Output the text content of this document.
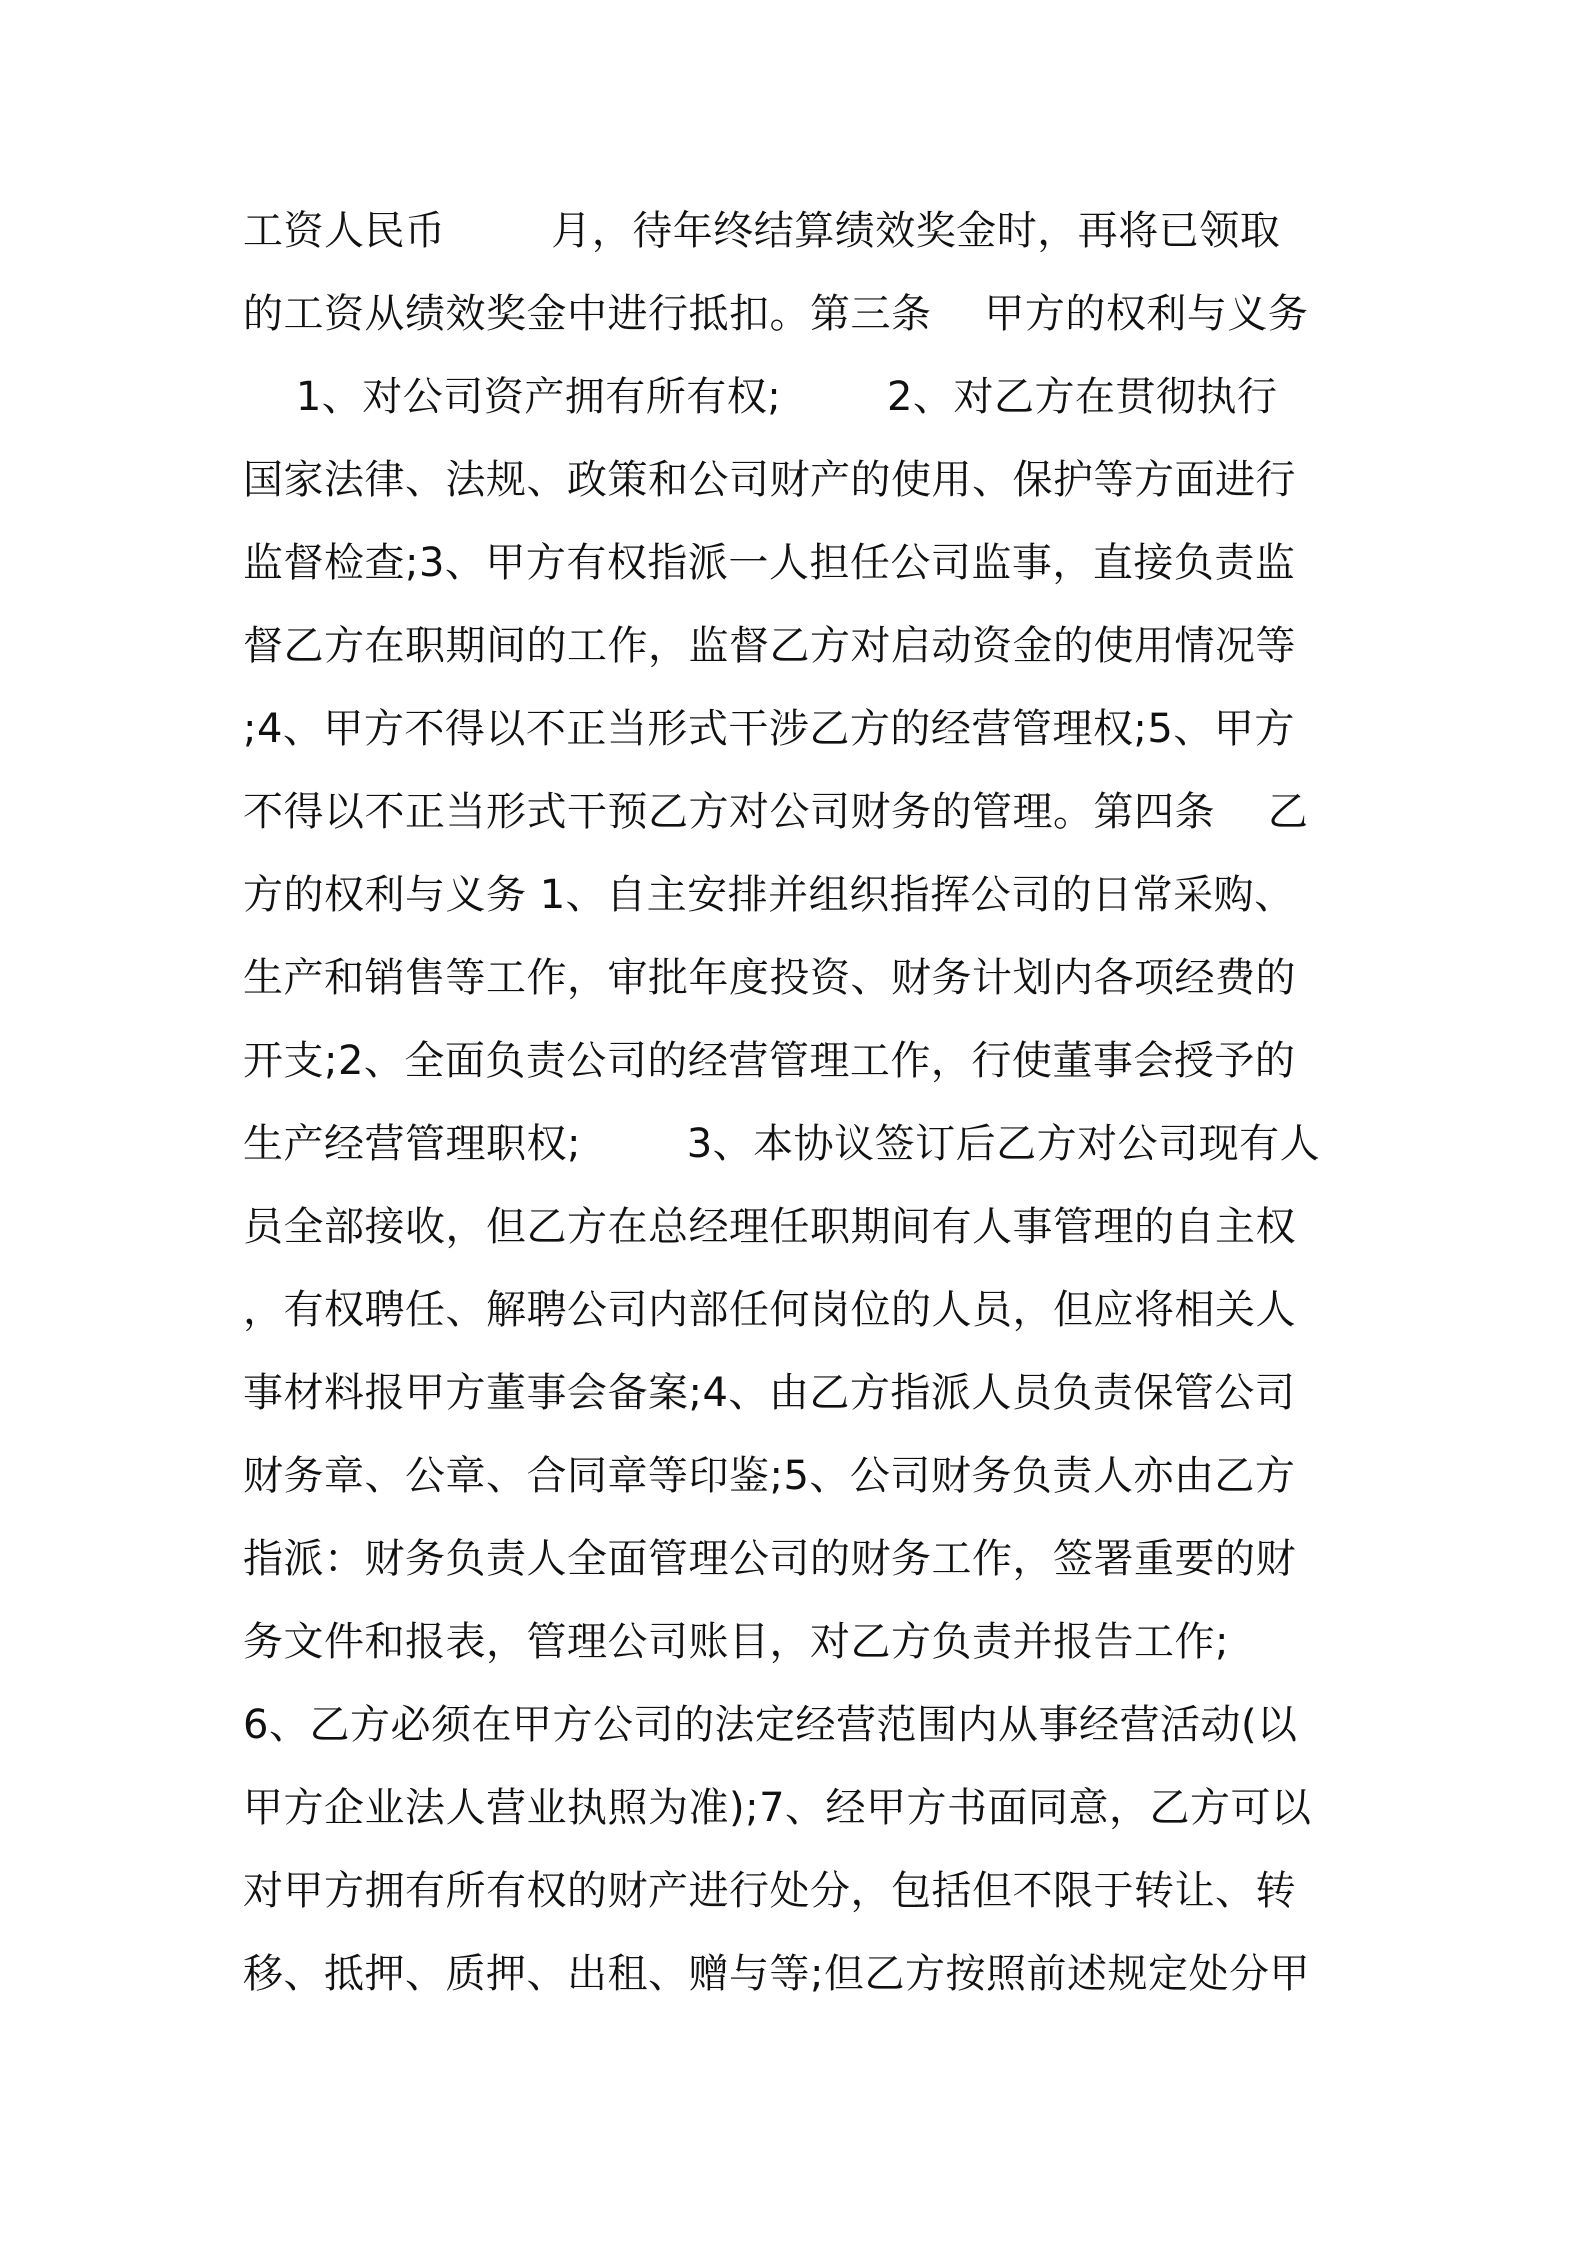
工资人民币        月，待年终结算绩效奖金时，再将已领取
的工资从绩效奖金中进行抵扣。第三条    甲方的权利与义务
1、对公司资产拥有所有权;        2、对乙方在贯彻执行
国家法律、法规、政策和公司财产的使用、保护等方面进行
监督检查;3、甲方有权指派一人担任公司监事，直接负责监
督乙方在职期间的工作，监督乙方对启动资金的使用情况等
;4、甲方不得以不正当形式干涉乙方的经营管理权;5、甲方
不得以不正当形式干预乙方对公司财务的管理。第四条    乙
方的权利与义务 1、自主安排并组织指挥公司的日常采购、
生产和销售等工作，审批年度投资、财务计划内各项经费的
开支;2、全面负责公司的经营管理工作，行使董事会授予的
生产经营管理职权;        3、本协议签订后乙方对公司现有人
员全部接收，但乙方在总经理任职期间有人事管理的自主权
，有权聘任、解聘公司内部任何岗位的人员，但应将相关人
事材料报甲方董事会备案;4、由乙方指派人员负责保管公司
财务章、公章、合同章等印鉴;5、公司财务负责人亦由乙方
指派：财务负责人全面管理公司的财务工作，签署重要的财
务文件和报表，管理公司账目，对乙方负责并报告工作;
6、乙方必须在甲方公司的法定经营范围内从事经营活动(以
甲方企业法人营业执照为准);7、经甲方书面同意，乙方可以
对甲方拥有所有权的财产进行处分，包括但不限于转让、转
移、抵押、质押、出租、赠与等;但乙方按照前述规定处分甲
